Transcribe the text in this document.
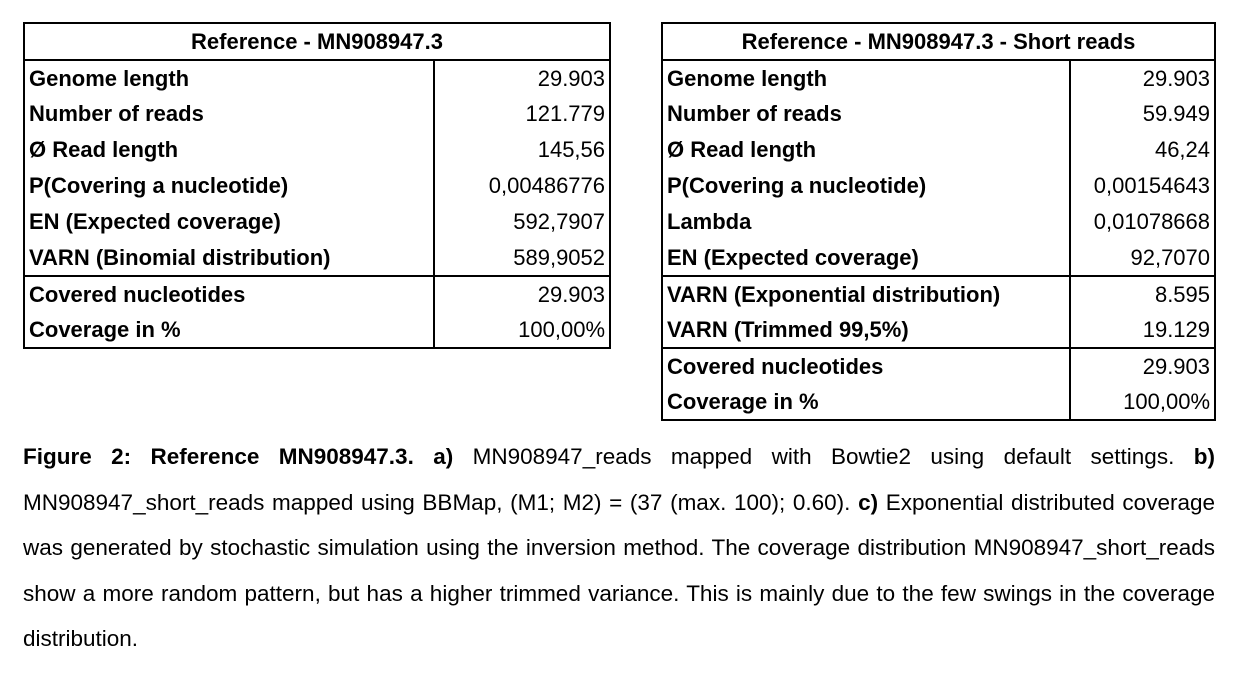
Reference - MN908947.3	
Genome length	29.903
Number of reads	121.779
Ø Read length	145,56
P(Covering a nucleotide)	0,00486776
EN (Expected coverage)	592,7907
VARN (Binomial distribution)	589,9052
Covered nucleotides	29.903
Coverage in %	100,00%
Reference - MN908947.3 - Short reads	
Genome length	29.903
Number of reads	59.949
Ø Read length	46,24
P(Covering a nucleotide)	0,00154643
Lambda	0,01078668
EN (Expected coverage)	92,7070
VARN (Exponential distribution)	8.595
VARN (Trimmed 99,5%)	19.129
Covered nucleotides	29.903
Coverage in %	100,00%

Figure 2: Reference MN908947.3. a) MN908947_reads mapped with Bowtie2 using default settings. b) MN908947_short_reads mapped using BBMap, (M1; M2) = (37 (max. 100); 0.60). c) Exponential distributed coverage was generated by stochastic simulation using the inversion method. The coverage distribution MN908947_short_reads show a more random pattern, but has a higher trimmed variance. This is mainly due to the few swings in the coverage distribution.
